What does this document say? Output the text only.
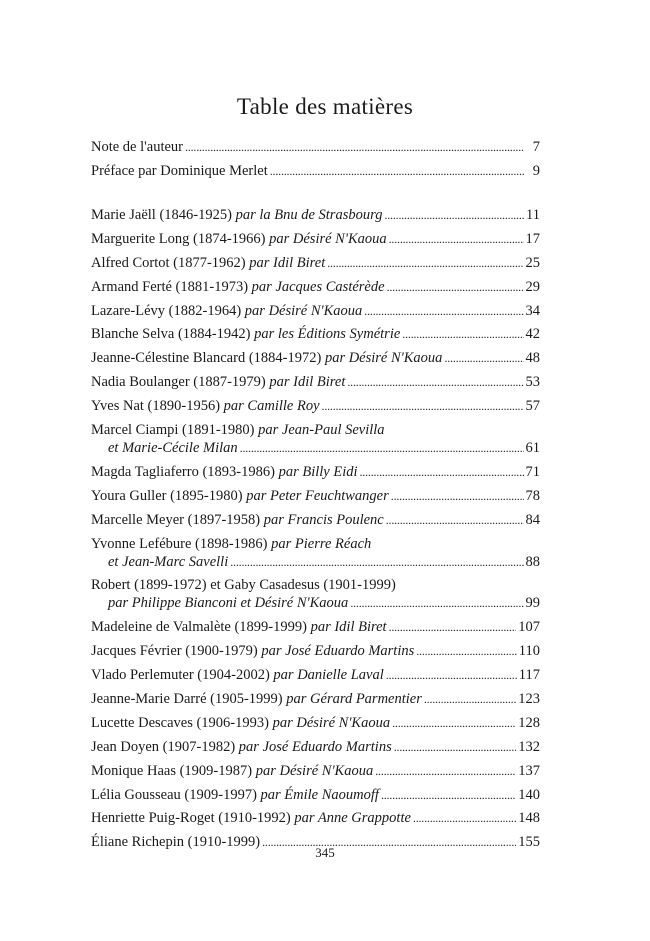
Table des matières
Note de l'auteur . . .	7
Préface par Dominique Merlet . . .	9
Marie Jaëll (1846-1925) par la Bnu de Strasbourg . . .	11
Marguerite Long (1874-1966) par Désiré N'Kaoua . . .	17
Alfred Cortot (1877-1962) par Idil Biret . . .	25
Armand Ferté (1881-1973) par Jacques Castérède . . .	29
Lazare-Lévy (1882-1964) par Désiré N'Kaoua . . .	34
Blanche Selva (1884-1942) par les Éditions Symétrie . . .	42
Jeanne-Célestine Blancard (1884-1972) par Désiré N'Kaoua . . .	48
Nadia Boulanger (1887-1979) par Idil Biret . . .	53
Yves Nat (1890-1956) par Camille Roy . . .	57
Marcel Ciampi (1891-1980) par Jean-Paul Sevilla
et Marie-Cécile Milan . . .	61
Magda Tagliaferro (1893-1986) par Billy Eidi . . .	71
Youra Guller (1895-1980) par Peter Feuchtwanger . . .	78
Marcelle Meyer (1897-1958) par Francis Poulenc . . .	84
Yvonne Lefébure (1898-1986) par Pierre Réach
et Jean-Marc Savelli . . .	88
Robert (1899-1972) et Gaby Casadesus (1901-1999)
par Philippe Bianconi et Désiré N'Kaoua . . .	99
Madeleine de Valmalète (1899-1999) par Idil Biret . . .	107
Jacques Février (1900-1979) par José Eduardo Martins . . .	110
Vlado Perlemuter (1904-2002) par Danielle Laval . . .	117
Jeanne-Marie Darré (1905-1999) par Gérard Parmentier . . .	123
Lucette Descaves (1906-1993) par Désiré N'Kaoua . . .	128
Jean Doyen (1907-1982) par José Eduardo Martins . . .	132
Monique Haas (1909-1987) par Désiré N'Kaoua . . .	137
Lélia Gousseau (1909-1997) par Émile Naoumoff . . .	140
Henriette Puig-Roget (1910-1992) par Anne Grappotte . . .	148
Éliane Richepin (1910-1999) . . .	155
345
